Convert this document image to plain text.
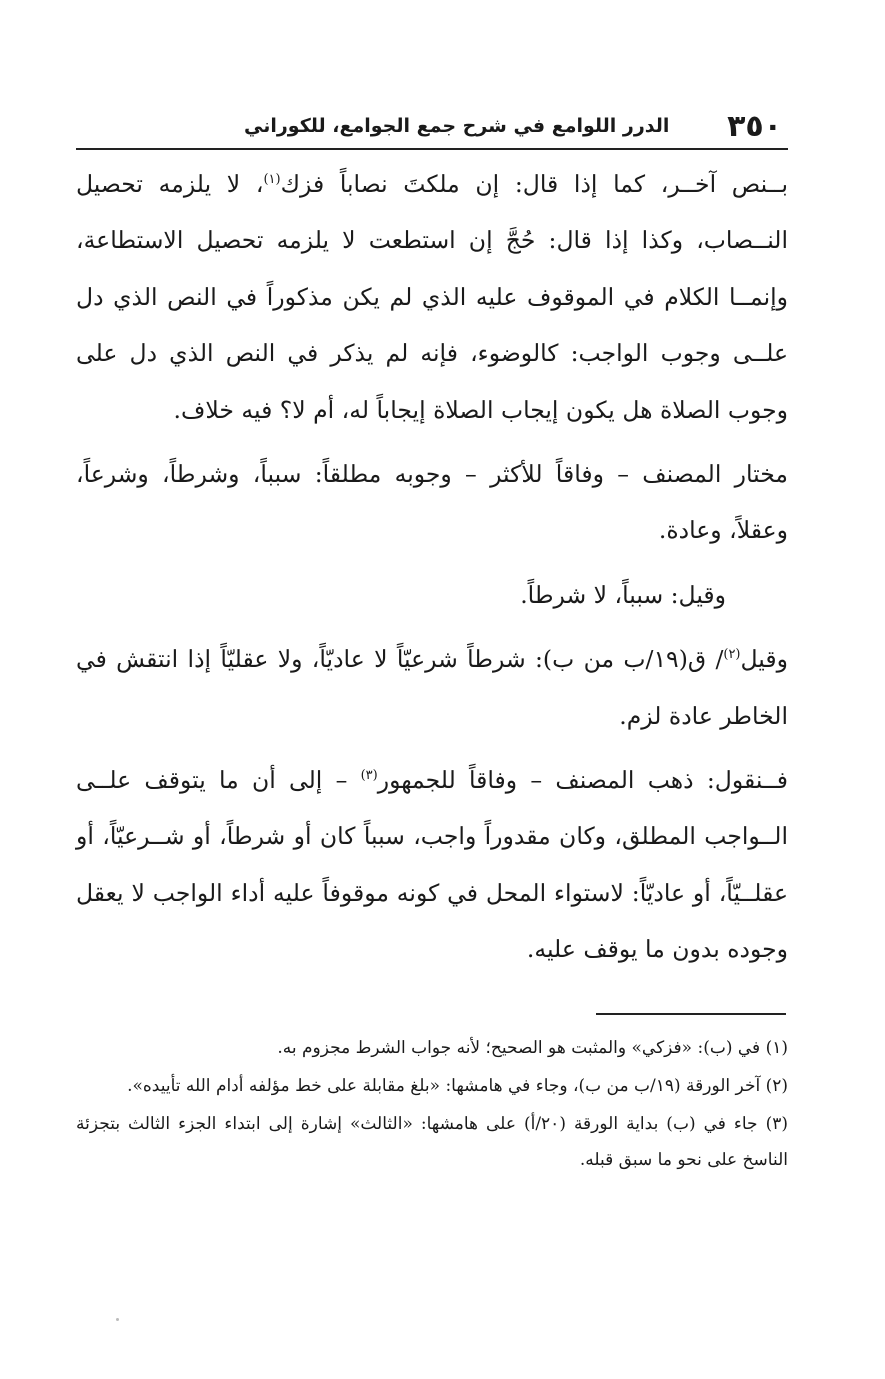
٣٥٠
الدرر اللوامع في شرح جمع الجوامع، للكوراني

بــنص آخــر، كما إذا قال: إن ملكتَ نصاباً فزك$^{(١)}$، لا يلزمه تحصيل النــصاب، وكذا إذا قال: حُجَّ إن استطعت لا يلزمه تحصيل الاستطاعة، وإنمــا الكلام في الموقوف عليه الذي لم يكن مذكوراً في النص الذي دل علــى وجوب الواجب: كالوضوء، فإنه لم يذكر في النص الذي دل على وجوب الصلاة هل يكون إيجاب الصلاة إيجاباً له، أم لا؟ فيه خلاف.

مختار المصنف – وفاقاً للأكثر – وجوبه مطلقاً: سبباً، وشرطاً، وشرعاً، وعقلاً، وعادة.

وقيل: سبباً، لا شرطاً.

وقيل$^{(٢)}$/ ق(١٩/ب من ب): شرطاً شرعيّاً لا عاديّاً، ولا عقليّاً إذا انتقش في الخاطر عادة لزم.

فــنقول: ذهب المصنف – وفاقاً للجمهور$^{(٣)}$ – إلى أن ما يتوقف علــى الــواجب المطلق، وكان مقدوراً واجب، سبباً كان أو شرطاً، أو شــرعيّاً، أو عقلــيّاً، أو عاديّاً: لاستواء المحل في كونه موقوفاً عليه أداء الواجب لا يعقل وجوده بدون ما يوقف عليه.

(١) في (ب): «فزكي» والمثبت هو الصحيح؛ لأنه جواب الشرط مجزوم به.

(٢) آخر الورقة (١٩/ب من ب)، وجاء في هامشها: «بلغ مقابلة على خط مؤلفه أدام الله تأييده».

(٣) جاء في (ب) بداية الورقة (٢٠/أ) على هامشها: «الثالث» إشارة إلى ابتداء الجزء الثالث بتجزئة الناسخ على نحو ما سبق قبله.
